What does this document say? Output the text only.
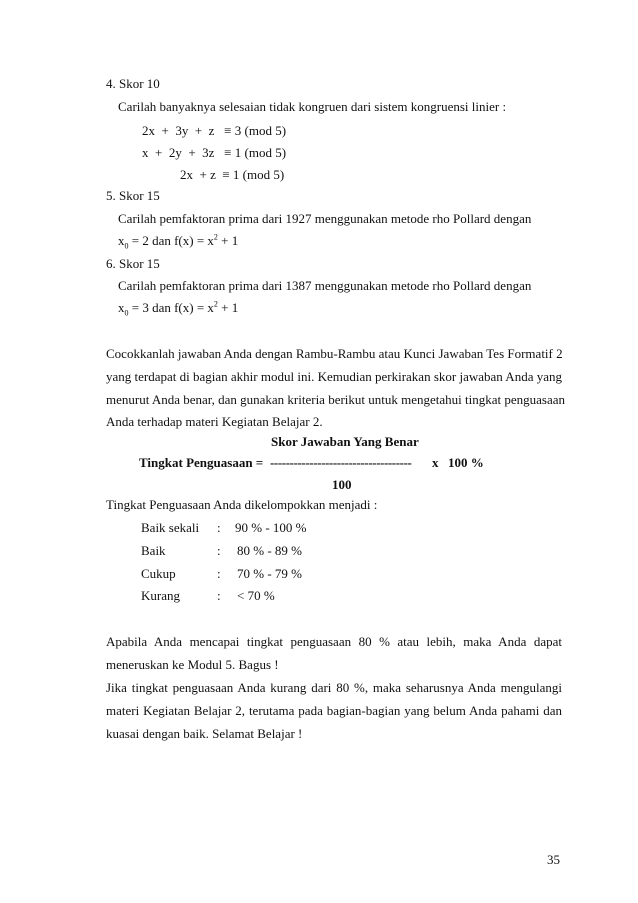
4. Skor 10
Carilah banyaknya selesaian tidak kongruen dari sistem kongruensi linier :
2x  +  3y  +  z   ≡ 3 (mod 5)
x  +  2y  +  3z   ≡ 1 (mod 5)
2x  + z  ≡ 1 (mod 5)
5. Skor 15
Carilah pemfaktoran prima dari 1927 menggunakan metode rho Pollard dengan
$x_0 = 2$ dan $f(x) = x^2 + 1$
6. Skor 15
Carilah pemfaktoran prima dari 1387 menggunakan metode rho Pollard dengan
$x_0 = 3$ dan $f(x) = x^2 + 1$
Cocokkanlah jawaban Anda dengan Rambu-Rambu atau Kunci Jawaban Tes Formatif 2
yang terdapat di bagian akhir modul ini. Kemudian perkirakan skor jawaban Anda yang
menurut Anda benar, dan gunakan kriteria berikut untuk mengetahui tingkat penguasaan
Anda terhadap materi Kegiatan Belajar 2.
Skor Jawaban Yang Benar
Tingkat Penguasaan = ------------------------------------ x 100 %
100
Tingkat Penguasaan Anda dikelompokkan menjadi :
Baik sekali : 90 % - 100 %
Baik	: 80 % - 89 %
Cukup	: 70 % - 79 %
Kurang	: < 70 %
Apabila  Anda  mencapai  tingkat  penguasaan  80  %  atau  lebih,  maka  Anda  dapat
meneruskan ke Modul 5. Bagus !
Jika tingkat penguasaan Anda kurang dari 80 %, maka seharusnya Anda mengulangi
materi Kegiatan Belajar 2, terutama pada bagian-bagian yang belum Anda pahami dan
kuasai dengan baik. Selamat Belajar !
35
